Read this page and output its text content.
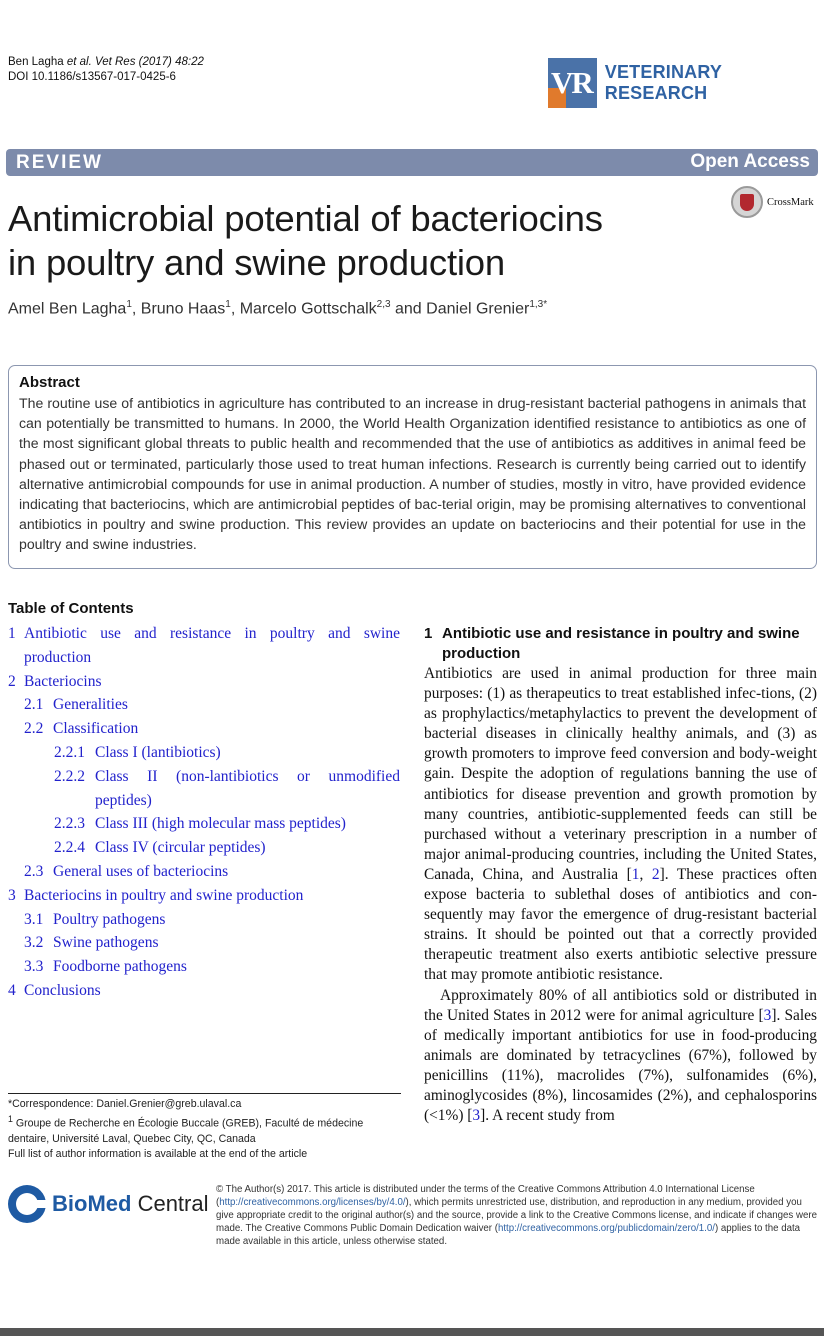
Ben Lagha et al. Vet Res (2017) 48:22
DOI 10.1186/s13567-017-0425-6	VR VETERINARY RESEARCH
REVIEW	Open Access
CrossMark
Antimicrobial potential of bacteriocins
in poultry and swine production
Amel Ben Lagha$^1$, Bruno Haas$^1$, Marcelo Gottschalk$^{2,3}$ and Daniel Grenier$^{1,3*}$
Abstract
The routine use of antibiotics in agriculture has contributed to an increase in drug-resistant bacterial pathogens in animals that can potentially be transmitted to humans. In 2000, the World Health Organization identified resistance to antibiotics as one of the most significant global threats to public health and recommended that the use of antibiotics as additives in animal feed be phased out or terminated, particularly those used to treat human infections. Research is currently being carried out to identify alternative antimicrobial compounds for use in animal production. A number of studies, mostly in vitro, have provided evidence indicating that bacteriocins, which are antimicrobial peptides of bac-terial origin, may be promising alternatives to conventional antibiotics in poultry and swine production. This review provides an update on bacteriocins and their potential for use in the poultry and swine industries.
Table of Contents
1 Antibiotic use and resistance in poultry and swine production
2 Bacteriocins
2.1 Generalities
2.2 Classification
2.2.1 Class I (lantibiotics)
2.2.2 Class II (non-lantibiotics or unmodified peptides)
2.2.3 Class III (high molecular mass peptides)
2.2.4 Class IV (circular peptides)
2.3 General uses of bacteriocins
3 Bacteriocins in poultry and swine production
3.1 Poultry pathogens
3.2 Swine pathogens
3.3 Foodborne pathogens
4 Conclusions
1 Antibiotic use and resistance in poultry and swine production

Antibiotics are used in animal production for three main purposes: (1) as therapeutics to treat established infec-tions, (2) as prophylactics/metaphylactics to prevent the development of bacterial diseases in clinically healthy animals, and (3) as growth promoters to improve feed conversion and body-weight gain. Despite the adoption of regulations banning the use of antibiotics for disease prevention and growth promotion by many countries, antibiotic-supplemented feeds can still be purchased without a veterinary prescription in a number of major animal-producing countries, including the United States, Canada, China, and Australia [1, 2]. These practices often expose bacteria to sublethal doses of antibiotics and con-sequently may favor the emergence of drug-resistant bacterial strains. It should be pointed out that a correctly provided therapeutic treatment also exerts antibiotic selective pressure that may promote antibiotic resistance.

Approximately 80% of all antibiotics sold or distributed in the United States in 2012 were for animal agriculture [3]. Sales of medically important antibiotics for use in food-producing animals are dominated by tetracyclines (67%), followed by penicillins (11%), macrolides (7%), sulfonamides (6%), aminoglycosides (8%), lincosamides (2%), and cephalosporins (<1%) [3]. A recent study from

*Correspondence: Daniel.Grenier@greb.ulaval.ca
$^1$ Groupe de Recherche en Écologie Buccale (GREB), Faculté de médecine dentaire, Université Laval, Quebec City, QC, Canada
Full list of author information is available at the end of the article
BioMed Central
© The Author(s) 2017. This article is distributed under the terms of the Creative Commons Attribution 4.0 International License (http://creativecommons.org/licenses/by/4.0/), which permits unrestricted use, distribution, and reproduction in any medium, provided you give appropriate credit to the original author(s) and the source, provide a link to the Creative Commons license, and indicate if changes were made. The Creative Commons Public Domain Dedication waiver (http://creativecommons.org/publicdomain/zero/1.0/) applies to the data made available in this article, unless otherwise stated.
